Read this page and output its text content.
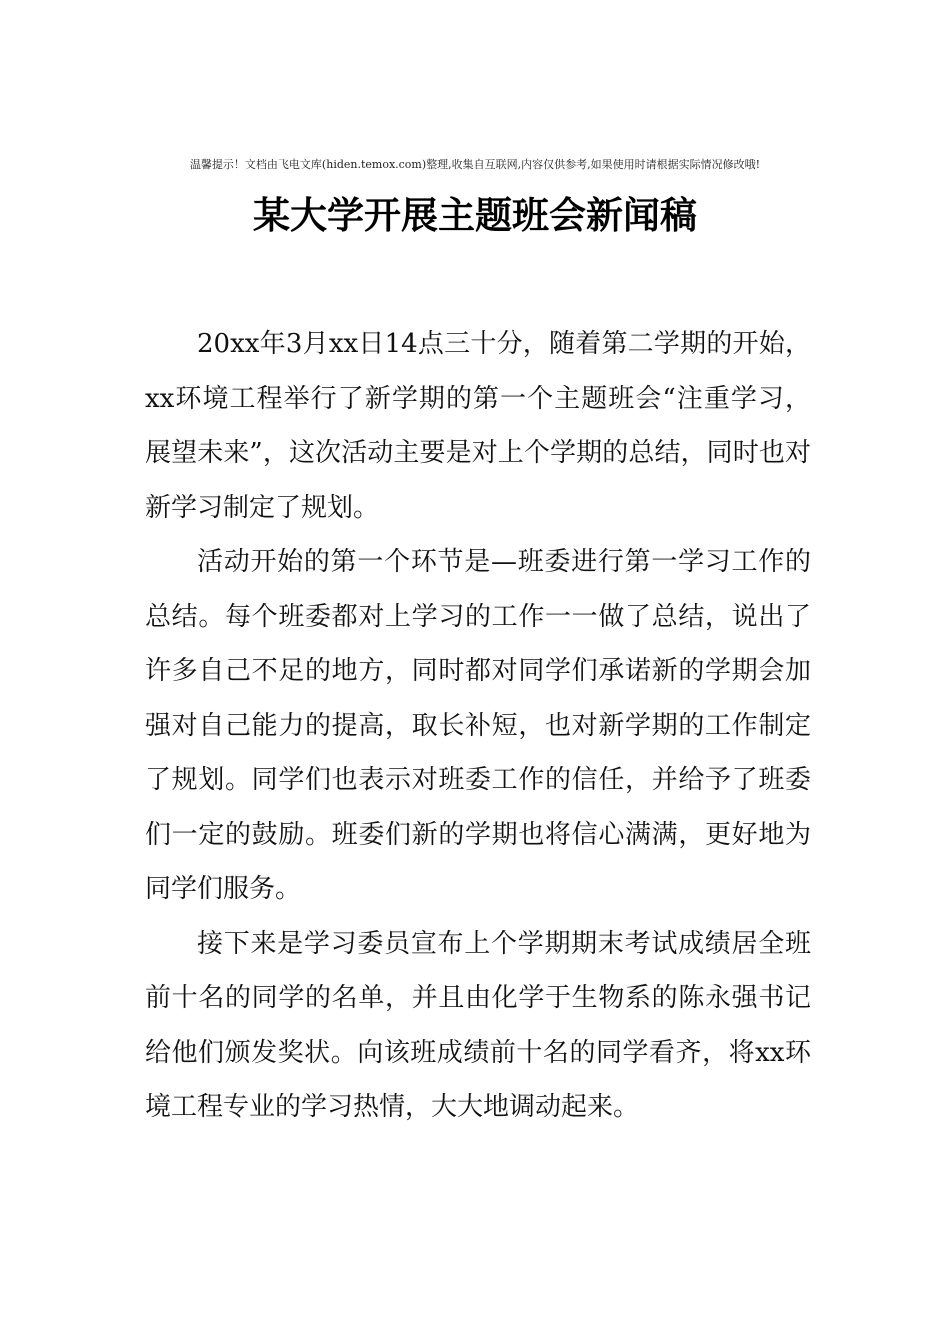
温馨提示！文档由飞电文库(hiden.temox.com)整理,收集自互联网,内容仅供参考,如果使用时请根据实际情况修改哦!
某大学开展主题班会新闻稿

20xx年3月xx日14点三十分，随着第二学期的开始，xx环境工程举行了新学期的第一个主题班会“注重学习，展望未来”，这次活动主要是对上个学期的总结，同时也对新学习制定了规划。

活动开始的第一个环节是—班委进行第一学习工作的总结。每个班委都对上学习的工作一一做了总结，说出了许多自己不足的地方，同时都对同学们承诺新的学期会加强对自己能力的提高，取长补短，也对新学期的工作制定了规划。同学们也表示对班委工作的信任，并给予了班委们一定的鼓励。班委们新的学期也将信心满满，更好地为同学们服务。

接下来是学习委员宣布上个学期期末考试成绩居全班前十名的同学的名单，并且由化学于生物系的陈永强书记给他们颁发奖状。向该班成绩前十名的同学看齐，将xx环境工程专业的学习热情，大大地调动起来。
